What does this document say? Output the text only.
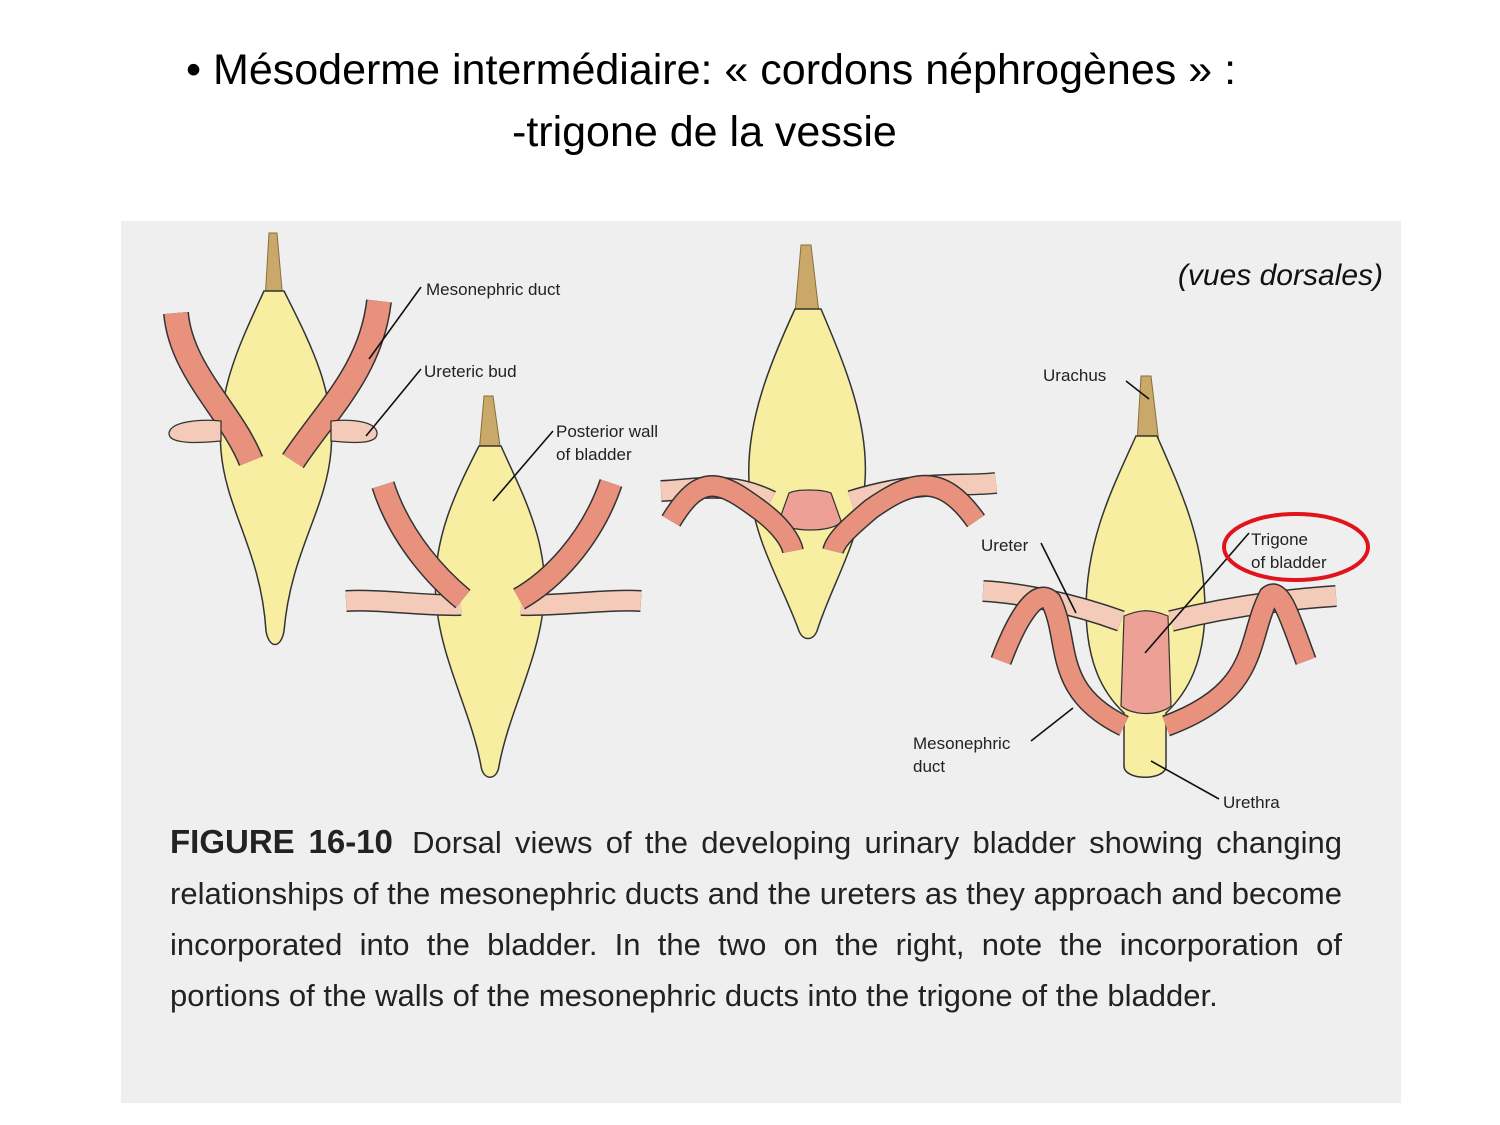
• Mésoderme intermédiaire: « cordons néphrogènes » :
-trigone de la vessie
Mesonephric duct
Ureteric bud
Posterior wall
of bladder
Urachus
Ureter	Trigone
of bladder
Mesonephric
duct
Urethra
(vues dorsales)
FIGURE 16-10 Dorsal views of the developing urinary bladder showing changing relationships of the mesonephric ducts and the ureters as they approach and become incorporated into the bladder. In the two on the right, note the incorporation of portions of the walls of the mesonephric ducts into the trigone of the bladder.
